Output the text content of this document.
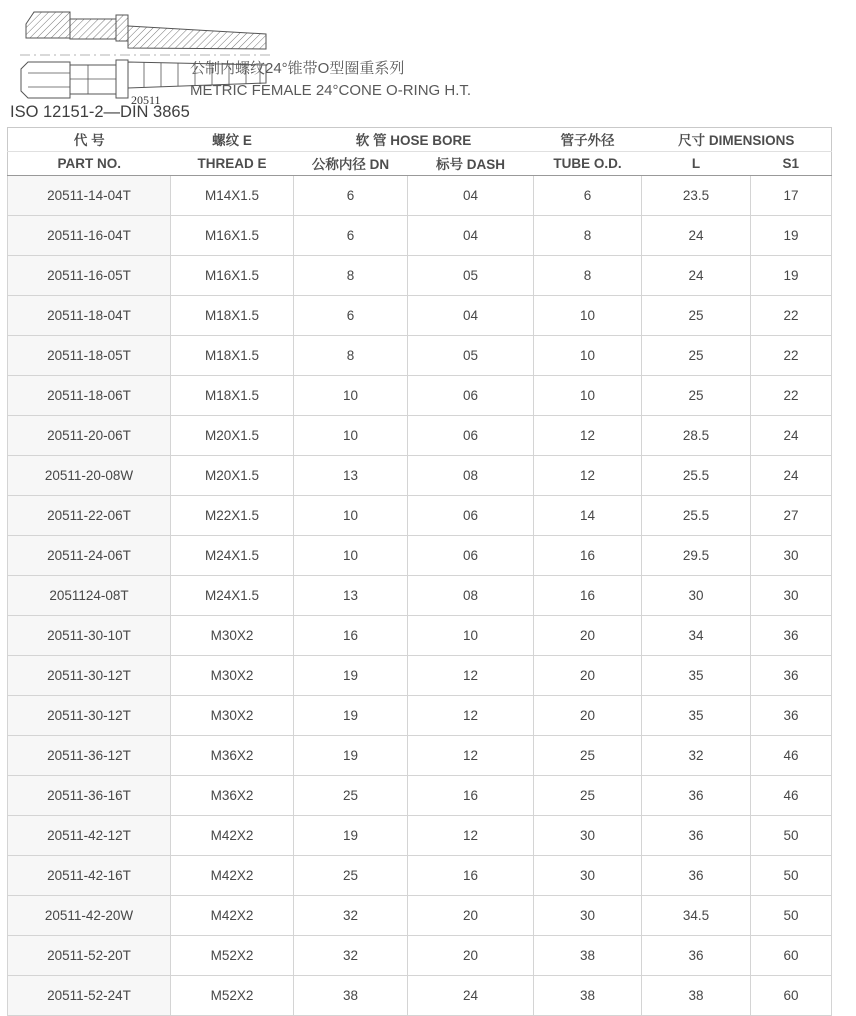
20511
公制内螺纹24°锥带O型圈重系列
METRIC FEMALE 24°CONE O-RING H.T.
ISO 12151-2—DIN 3865
代 号	螺纹 E	软 管 HOSE BORE		管子外径	尺寸 DIMENSIONS	
PART NO.	THREAD E	公称内径 DN	标号 DASH	TUBE O.D.	L	S1
20511-14-04T	M14X1.5	6	04	6	23.5	17
20511-16-04T	M16X1.5	6	04	8	24	19
20511-16-05T	M16X1.5	8	05	8	24	19
20511-18-04T	M18X1.5	6	04	10	25	22
20511-18-05T	M18X1.5	8	05	10	25	22
20511-18-06T	M18X1.5	10	06	10	25	22
20511-20-06T	M20X1.5	10	06	12	28.5	24
20511-20-08W	M20X1.5	13	08	12	25.5	24
20511-22-06T	M22X1.5	10	06	14	25.5	27
20511-24-06T	M24X1.5	10	06	16	29.5	30
2051124-08T	M24X1.5	13	08	16	30	30
20511-30-10T	M30X2	16	10	20	34	36
20511-30-12T	M30X2	19	12	20	35	36
20511-30-12T	M30X2	19	12	20	35	36
20511-36-12T	M36X2	19	12	25	32	46
20511-36-16T	M36X2	25	16	25	36	46
20511-42-12T	M42X2	19	12	30	36	50
20511-42-16T	M42X2	25	16	30	36	50
20511-42-20W	M42X2	32	20	30	34.5	50
20511-52-20T	M52X2	32	20	38	36	60
20511-52-24T	M52X2	38	24	38	38	60
